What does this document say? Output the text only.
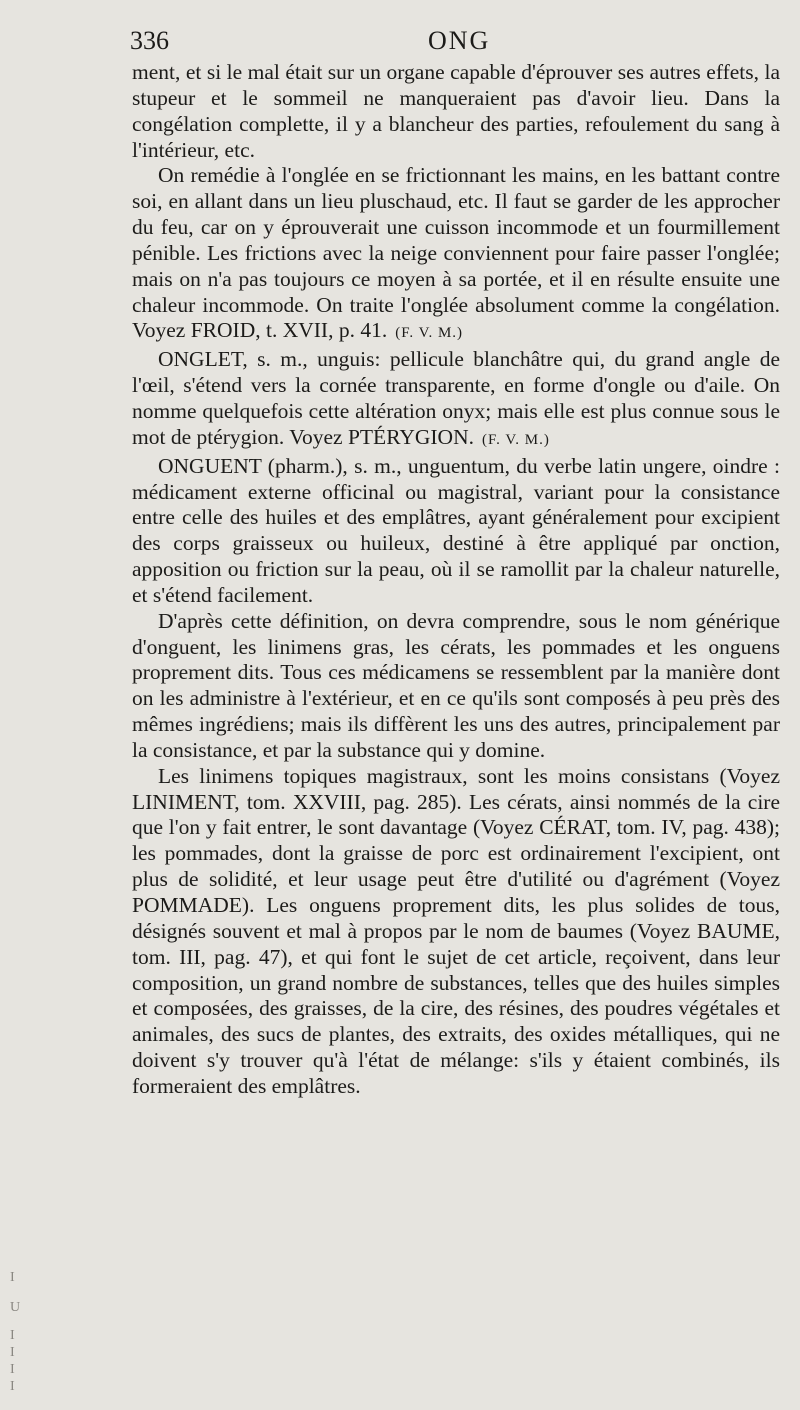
336	ONG

ment, et si le mal était sur un organe capable d'éprouver ses autres effets, la stupeur et le sommeil ne manqueraient pas d'avoir lieu. Dans la congélation complette, il y a blancheur des parties, refoulement du sang à l'intérieur, etc.

On remédie à l'onglée en se frictionnant les mains, en les battant contre soi, en allant dans un lieu pluschaud, etc. Il faut se garder de les approcher du feu, car on y éprouverait une cuisson incommode et un fourmillement pénible. Les frictions avec la neige conviennent pour faire passer l'onglée; mais on n'a pas toujours ce moyen à sa portée, et il en résulte ensuite une chaleur incommode. On traite l'onglée absolument comme la congélation. Voyez FROID, t. XVII, p. 41. (F. V. M.)

ONGLET, s. m., unguis: pellicule blanchâtre qui, du grand angle de l'œil, s'étend vers la cornée transparente, en forme d'ongle ou d'aile. On nomme quelquefois cette altération onyx; mais elle est plus connue sous le mot de ptérygion. Voyez PTÉRYGION. (F. V. M.)

ONGUENT (pharm.), s. m., unguentum, du verbe latin ungere, oindre : médicament externe officinal ou magistral, variant pour la consistance entre celle des huiles et des emplâtres, ayant généralement pour excipient des corps graisseux ou huileux, destiné à être appliqué par onction, apposition ou friction sur la peau, où il se ramollit par la chaleur naturelle, et s'étend facilement.

D'après cette définition, on devra comprendre, sous le nom générique d'onguent, les linimens gras, les cérats, les pommades et les onguens proprement dits. Tous ces médicamens se ressemblent par la manière dont on les administre à l'extérieur, et en ce qu'ils sont composés à peu près des mêmes ingrédiens; mais ils diffèrent les uns des autres, principalement par la consistance, et par la substance qui y domine.

Les linimens topiques magistraux, sont les moins consistans (Voyez LINIMENT, tom. XXVIII, pag. 285). Les cérats, ainsi nommés de la cire que l'on y fait entrer, le sont davantage (Voyez CÉRAT, tom. IV, pag. 438); les pommades, dont la graisse de porc est ordinairement l'excipient, ont plus de solidité, et leur usage peut être d'utilité ou d'agrément (Voyez POMMADE). Les onguens proprement dits, les plus solides de tous, désignés souvent et mal à propos par le nom de baumes (Voyez BAUME, tom. III, pag. 47), et qui font le sujet de cet article, reçoivent, dans leur composition, un grand nombre de substances, telles que des huiles simples et composées, des graisses, de la cire, des résines, des poudres végétales et animales, des sucs de plantes, des extraits, des oxides métalliques, qui ne doivent s'y trouver qu'à l'état de mélange: s'ils y étaient combinés, ils formeraient des emplâtres.

I
U
I
I
I
I
